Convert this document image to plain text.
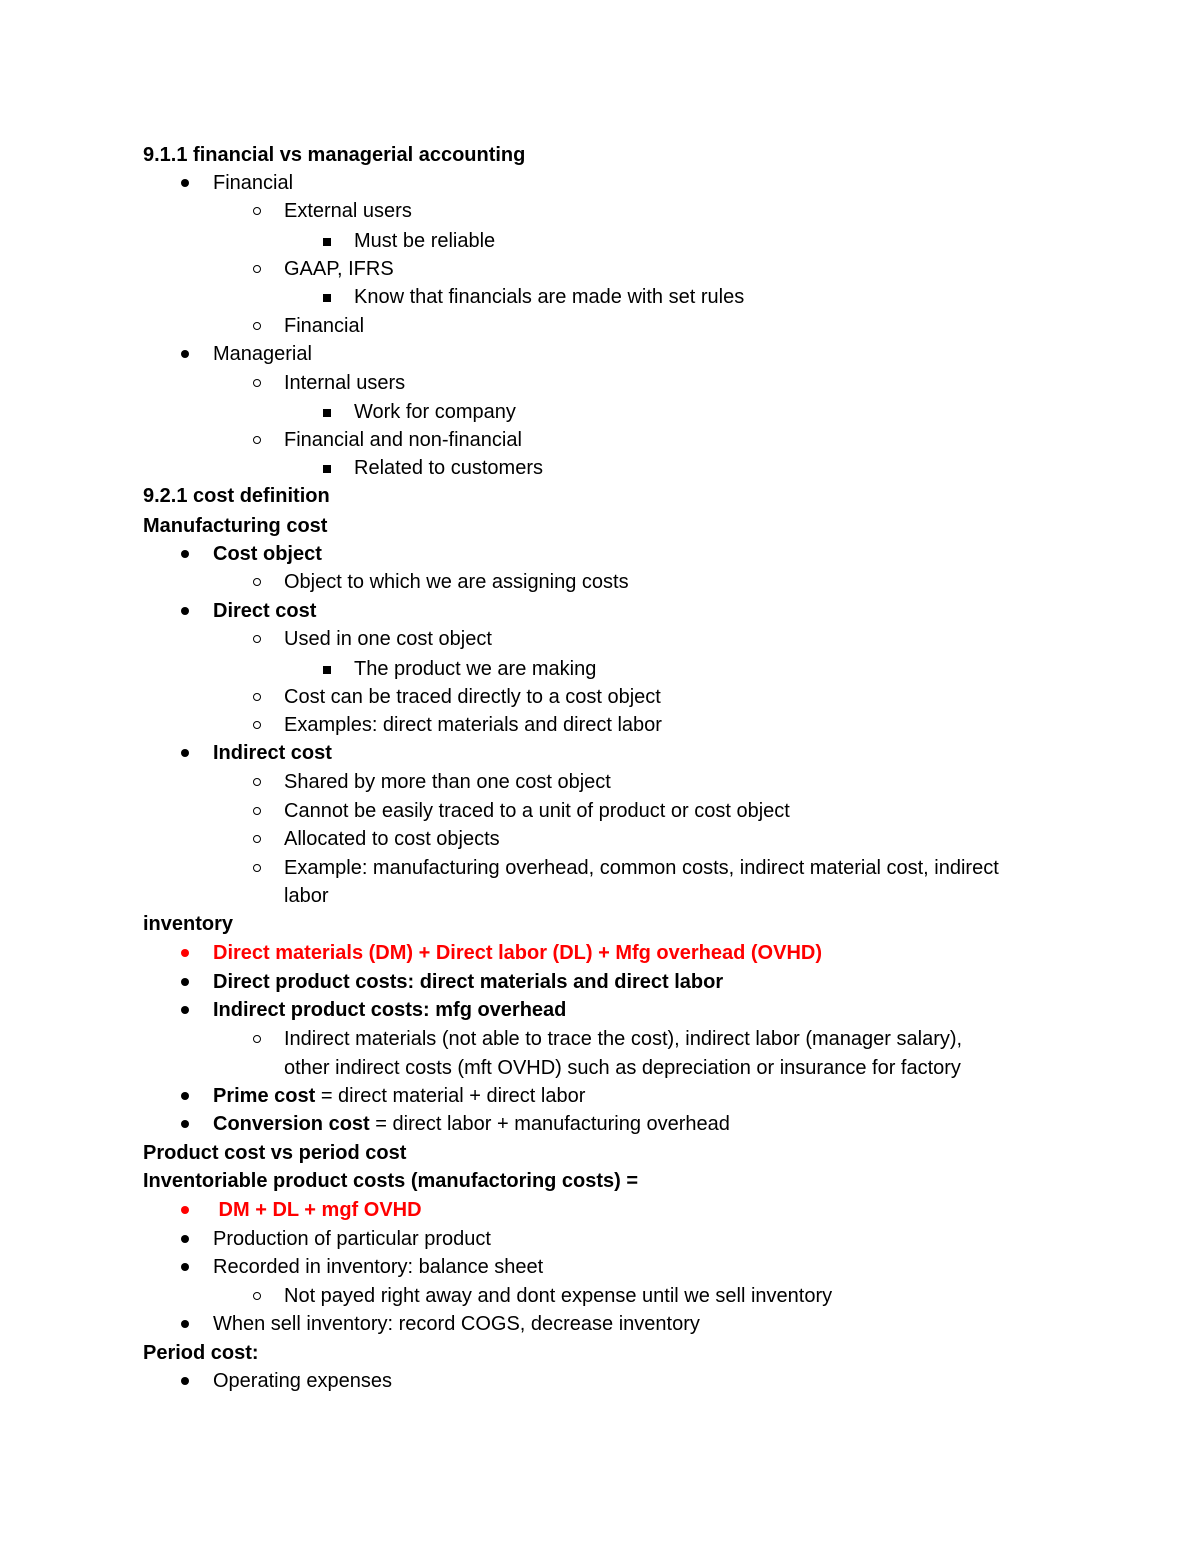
9.1.1 financial vs managerial accounting
Financial
External users
Must be reliable
GAAP, IFRS
Know that financials are made with set rules
Financial
Managerial
Internal users
Work for company
Financial and non-financial
Related to customers
9.2.1 cost definition
Manufacturing cost
Cost object
Object to which we are assigning costs
Direct cost
Used in one cost object
The product we are making
Cost can be traced directly to a cost object
Examples: direct materials and direct labor
Indirect cost
Shared by more than one cost object
Cannot be easily traced to a unit of product or cost object
Allocated to cost objects
Example: manufacturing overhead, common costs, indirect material cost, indirect
labor
inventory
Direct materials (DM) + Direct labor (DL) + Mfg overhead (OVHD)
Direct product costs: direct materials and direct labor
Indirect product costs: mfg overhead
Indirect materials (not able to trace the cost), indirect labor (manager salary),
other indirect costs (mft OVHD) such as depreciation or insurance for factory
Prime cost = direct material + direct labor
Conversion cost = direct labor + manufacturing overhead
Product cost vs period cost
Inventoriable product costs (manufactoring costs) =
DM + DL + mgf OVHD
Production of particular product
Recorded in inventory: balance sheet
Not payed right away and dont expense until we sell inventory
When sell inventory: record COGS, decrease inventory
Period cost:
Operating expenses
